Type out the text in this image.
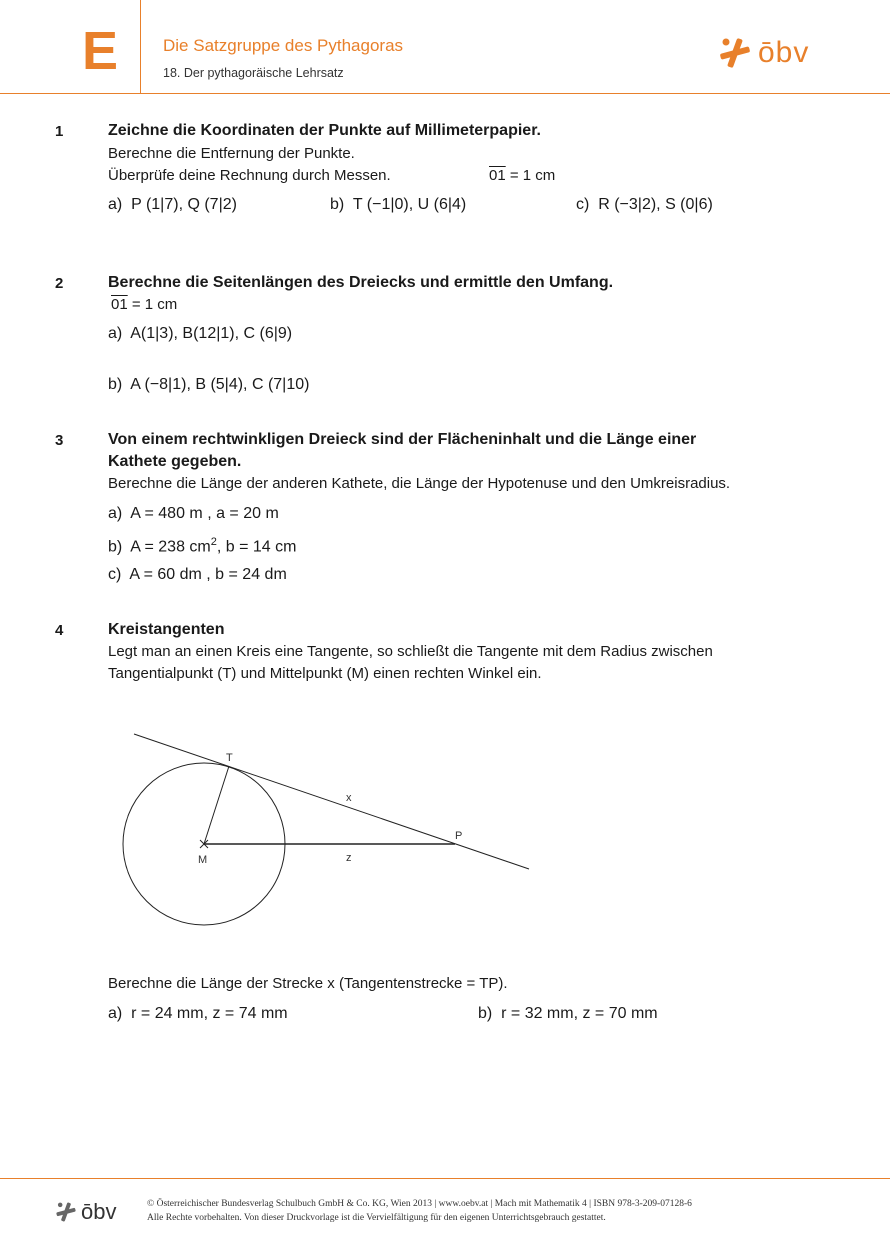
E	Die Satzgruppe des Pythagoras
18. Der pythagoräische Lehrsatz
ōbv
1	Zeichne die Koordinaten der Punkte auf Millimeterpapier.
Berechne die Entfernung der Punkte.
Überprüfe deine Rechnung durch Messen.	01 = 1 cm
a) P (1|7), Q (7|2)	b) T (−1|0), U (6|4)	c) R (−3|2), S (0|6)
2	Berechne die Seitenlängen des Dreiecks und ermittle den Umfang.
01 = 1 cm
a) A(1|3), B(12|1), C (6|9)
b) A (−8|1), B (5|4), C (7|10)
3	Von einem rechtwinkligen Dreieck sind der Flächeninhalt und die Länge einer
Kathete gegeben.
Berechne die Länge der anderen Kathete, die Länge der Hypotenuse und den Umkreisradius.
a) A = 480 m , a = 20 m
b) A = 238 $cm^2$, b = 14 cm
c) A = 60 dm , b = 24 dm
4	Kreistangenten
Legt man an einen Kreis eine Tangente, so schließt die Tangente mit dem Radius zwischen
Tangentialpunkt (T) und Mittelpunkt (M) einen rechten Winkel ein.
T
M
P
x
z
Berechne die Länge der Strecke x (Tangentenstrecke = TP).
a) r = 24 mm, z = 74 mm	b) r = 32 mm, z = 70 mm
ōbv	© Österreichischer Bundesverlag Schulbuch GmbH & Co. KG, Wien 2013 | www.oebv.at | Mach mit Mathematik 4 | ISBN 978-3-209-07128-6
Alle Rechte vorbehalten. Von dieser Druckvorlage ist die Vervielfältigung für den eigenen Unterrichtsgebrauch gestattet.
